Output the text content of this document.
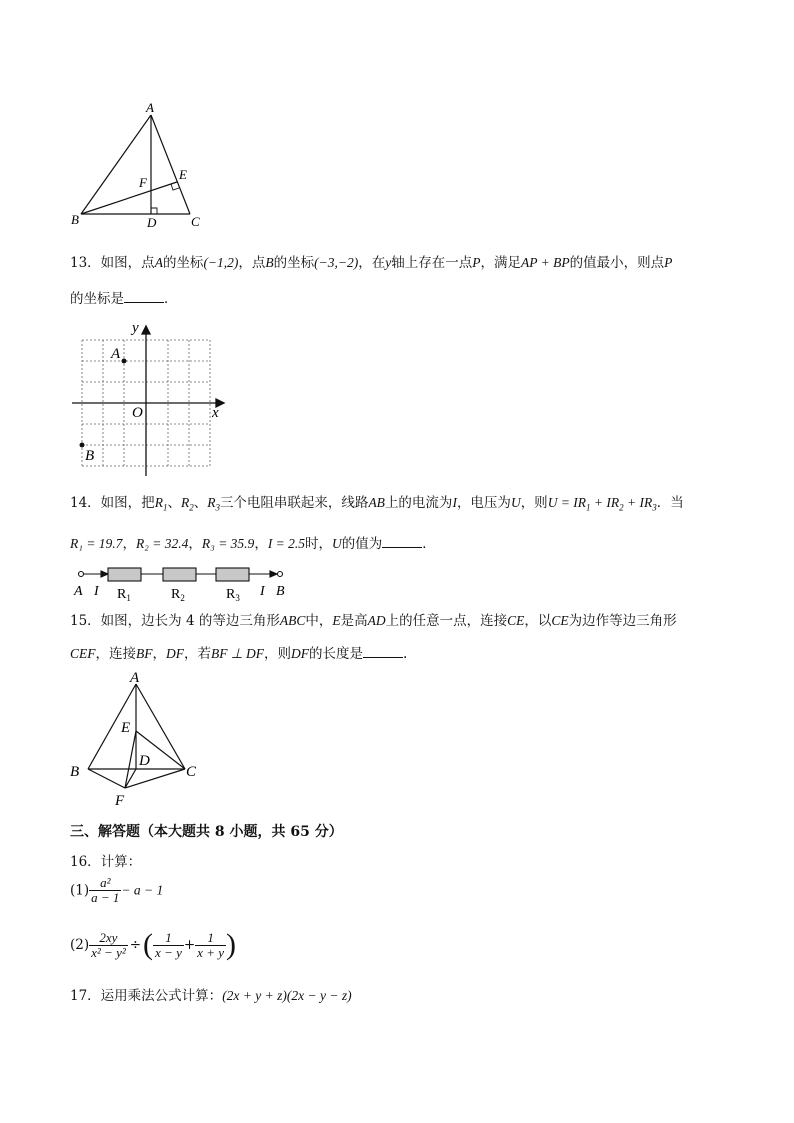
A
B	C
D
E
F
13．如图，点A的坐标(−1,2)，点B的坐标(−3,−2)，在y轴上存在一点P，满足AP + BP的值最小，则点P
的坐标是	．
y
x
O
A
B
14．如图，把$R_1$、$R_2$、$R_3$三个电阻串联起来，线路AB上的电流为I，电压为U，则$U = IR_1 + IR_2 + IR_3$．当
R₁ = 19.7，R₂ = 32.4，R₃ = 35.9，I = 2.5时，U的值为	．
A I $R_1$	$R_2$	$R_3$ I B
15．如图，边长为 4 的等边三角形ABC中，E是高AD上的任意一点，连接CE，以CE为边作等边三角形
CEF，连接BF，DF，若BF ⊥ DF，则DF的长度是	.
A
B	C
D
E
F
三、解答题（本大题共 8 小题，共 65 分）
16．计算：
$(1) \frac{\text{a²}}{a - 1} - a - 1$
$(2) \frac{2xy}{\text{x² − y²}}$ ÷( $\frac{1}{x - y} + \frac{1}{x + y}$ )
17．运用乘法公式计算：(2x + y + z)(2x − y − z)
